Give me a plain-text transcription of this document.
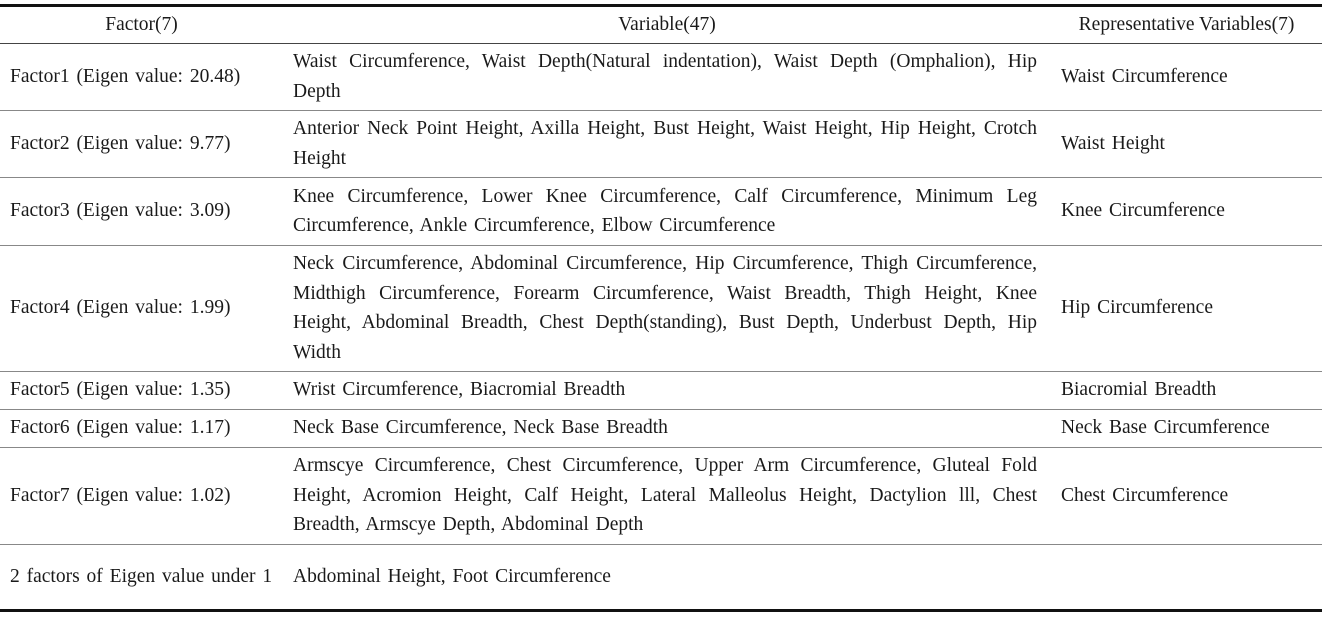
Factor(7)	Variable(47)	Representative Variables(7)
Factor1 (Eigen value: 20.48)	Waist Circumference, Waist Depth(Natural indentation), Waist Depth (Omphalion), Hip Depth	Waist Circumference
Factor2 (Eigen value: 9.77)	Anterior Neck Point Height, Axilla Height, Bust Height, Waist Height, Hip Height, Crotch Height	Waist Height
Factor3 (Eigen value: 3.09)	Knee Circumference, Lower Knee Circumference, Calf Circumference, Minimum Leg Circumference, Ankle Circumference, Elbow Circumference	Knee Circumference
Factor4 (Eigen value: 1.99)	Neck Circumference, Abdominal Circumference, Hip Circumference, Thigh Circumference, Midthigh Circumference, Forearm Circumference, Waist Breadth, Thigh Height, Knee Height, Abdominal Breadth, Chest Depth(standing), Bust Depth, Underbust Depth, Hip Width	Hip Circumference
Factor5 (Eigen value: 1.35)	Wrist Circumference, Biacromial Breadth	Biacromial Breadth
Factor6 (Eigen value: 1.17)	Neck Base Circumference, Neck Base Breadth	Neck Base Circumference
Factor7 (Eigen value: 1.02)	Armscye Circumference, Chest Circumference, Upper Arm Circumference, Gluteal Fold Height, Acromion Height, Calf Height, Lateral Malleolus Height, Dactylion lll, Chest Breadth, Armscye Depth, Abdominal Depth	Chest Circumference
2 factors of Eigen value under 1	Abdominal Height, Foot Circumference	
